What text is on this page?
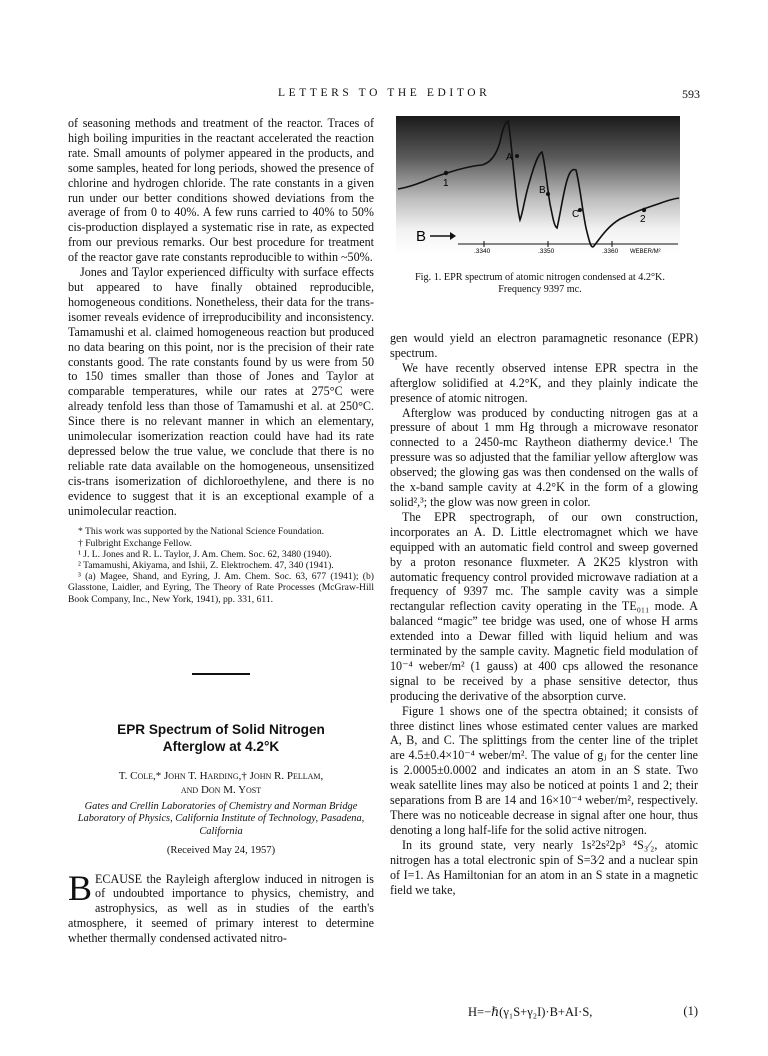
LETTERS TO THE EDITOR	593

of seasoning methods and treatment of the reactor. Traces of high boiling impurities in the reactant accelerated the reaction rate. Small amounts of polymer appeared in the products, and some samples, heated for long periods, showed the presence of chlorine and hydrogen chloride. The rate constants in a given run under our better conditions showed deviations from the average of from 0 to 40%. A few runs carried to 40% to 50% cis-production displayed a systematic rise in rate, as expected from our previous remarks. Our best procedure for treatment of the reactor gave rate constants reproducible to within ~50%.

Jones and Taylor experienced difficulty with surface effects but appeared to have finally obtained reproducible, homogeneous conditions. Nonetheless, their data for the trans-isomer reveals evidence of irreproducibility and inconsistency. Tamamushi et al. claimed homogeneous reaction but produced no data bearing on this point, nor is the precision of their rate constants good. The rate constants found by us were from 50 to 150 times smaller than those of Jones and Taylor at comparable temperatures, while our rates at 275°C were already tenfold less than those of Tamamushi et al. at 250°C. Since there is no relevant manner in which an elementary, unimolecular isomerization reaction could have had its rate depressed below the true value, we conclude that there is no reliable rate data available on the homogeneous, unsensitized cis-trans isomerization of dichloroethylene, and there is no evidence to suggest that it is an exceptional example of a unimolecular reaction.

* This work was supported by the National Science Foundation.
† Fulbright Exchange Fellow.
¹ J. L. Jones and R. L. Taylor, J. Am. Chem. Soc. 62, 3480 (1940).
² Tamamushi, Akiyama, and Ishii, Z. Elektrochem. 47, 340 (1941).
³ (a) Magee, Shand, and Eyring, J. Am. Chem. Soc. 63, 677 (1941); (b) Glasstone, Laidler, and Eyring, The Theory of Rate Processes (McGraw-Hill Book Company, Inc., New York, 1941), pp. 331, 611.
EPR Spectrum of Solid Nitrogen
Afterglow at 4.2°K
T. Cole,* John T. Harding,† John R. Pellam,
and Don M. Yost
Gates and Crellin Laboratories of Chemistry and Norman Bridge Laboratory of Physics, California Institute of Technology, Pasadena, California
(Received May 24, 1957)

BECAUSE the Rayleigh afterglow induced in nitrogen is of undoubted importance to physics, chemistry, and astrophysics, as well as in studies of the earth's atmosphere, it seemed of primary interest to determine whether thermally condensed activated nitro-

1
A
B
C	2
B
.3340	.3350	.3360 WEBER/M²
Fig. 1. EPR spectrum of atomic nitrogen condensed at 4.2°K.
Frequency 9397 mc.

gen would yield an electron paramagnetic resonance (EPR) spectrum.

We have recently observed intense EPR spectra in the afterglow solidified at 4.2°K, and they plainly indicate the presence of atomic nitrogen.

Afterglow was produced by conducting nitrogen gas at a pressure of about 1 mm Hg through a microwave resonator connected to a 2450-mc Raytheon diathermy device.¹ The pressure was so adjusted that the familiar yellow afterglow was observed; the glowing gas was then condensed on the walls of the x-band sample cavity at 4.2°K in the form of a glowing solid²,³; the glow was now green in color.

The EPR spectrograph, of our own construction, incorporates an A. D. Little electromagnet which we have equipped with an automatic field control and sweep governed by a proton resonance fluxmeter. A 2K25 klystron with automatic frequency control provided microwave radiation at a frequency of 9397 mc. The sample cavity was a simple rectangular reflection cavity operating in the TE₀₁₁ mode. A balanced “magic” tee bridge was used, one of whose H arms extended into a Dewar filled with liquid helium and was terminated by the sample cavity. Magnetic field modulation of 10⁻⁴ weber/m² (1 gauss) at 400 cps allowed the resonance signal to be received by a phase sensitive detector, thus producing the derivative of the absorption curve.

Figure 1 shows one of the spectra obtained; it consists of three distinct lines whose estimated center values are marked A, B, and C. The splittings from the center line of the triplet are 4.5±0.4×10⁻⁴ weber/m². The value of gⱼ for the center line is 2.0005±0.0002 and indicates an atom in an S state. Two weak satellite lines may also be noticed at points 1 and 2; their separations from B are 14 and 16×10⁻⁴ weber/m², respectively. There was no noticeable decrease in signal after one hour, thus denoting a long half-life for the solid active nitrogen.

In its ground state, very nearly 1s²2s²2p³ ⁴S₃⁄₂, atomic nitrogen has a total electronic spin of S=3⁄2 and a nuclear spin of I=1. As Hamiltonian for an atom in an S state in a magnetic field we take,

H=−ℏ(γ₁S+γ₂I)·B+AI·S,	(1)
